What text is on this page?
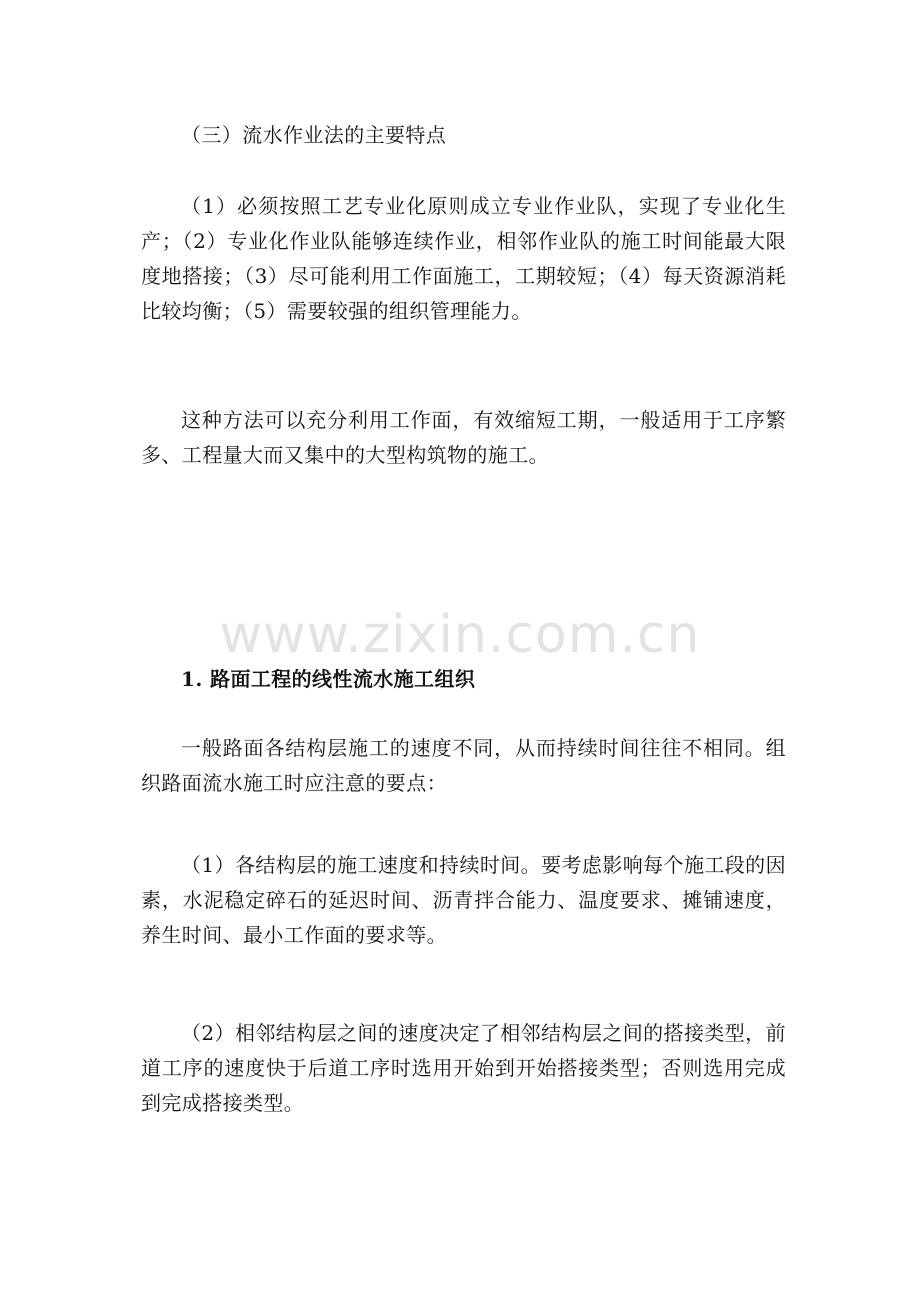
（三）流水作业法的主要特点

（1）必须按照工艺专业化原则成立专业作业队，实现了专业化生产；（2）专业化作业队能够连续作业，相邻作业队的施工时间能最大限度地搭接；（3）尽可能利用工作面施工，工期较短；（4）每天资源消耗比较均衡；（5）需要较强的组织管理能力。

这种方法可以充分利用工作面，有效缩短工期，一般适用于工序繁多、工程量大而又集中的大型构筑物的施工。

www.zixin.com.cn

1. 路面工程的线性流水施工组织

一般路面各结构层施工的速度不同，从而持续时间往往不相同。组织路面流水施工时应注意的要点：

（1）各结构层的施工速度和持续时间。要考虑影响每个施工段的因素，水泥稳定碎石的延迟时间、沥青拌合能力、温度要求、摊铺速度，养生时间、最小工作面的要求等。

（2）相邻结构层之间的速度决定了相邻结构层之间的搭接类型，前道工序的速度快于后道工序时选用开始到开始搭接类型；否则选用完成到完成搭接类型。
